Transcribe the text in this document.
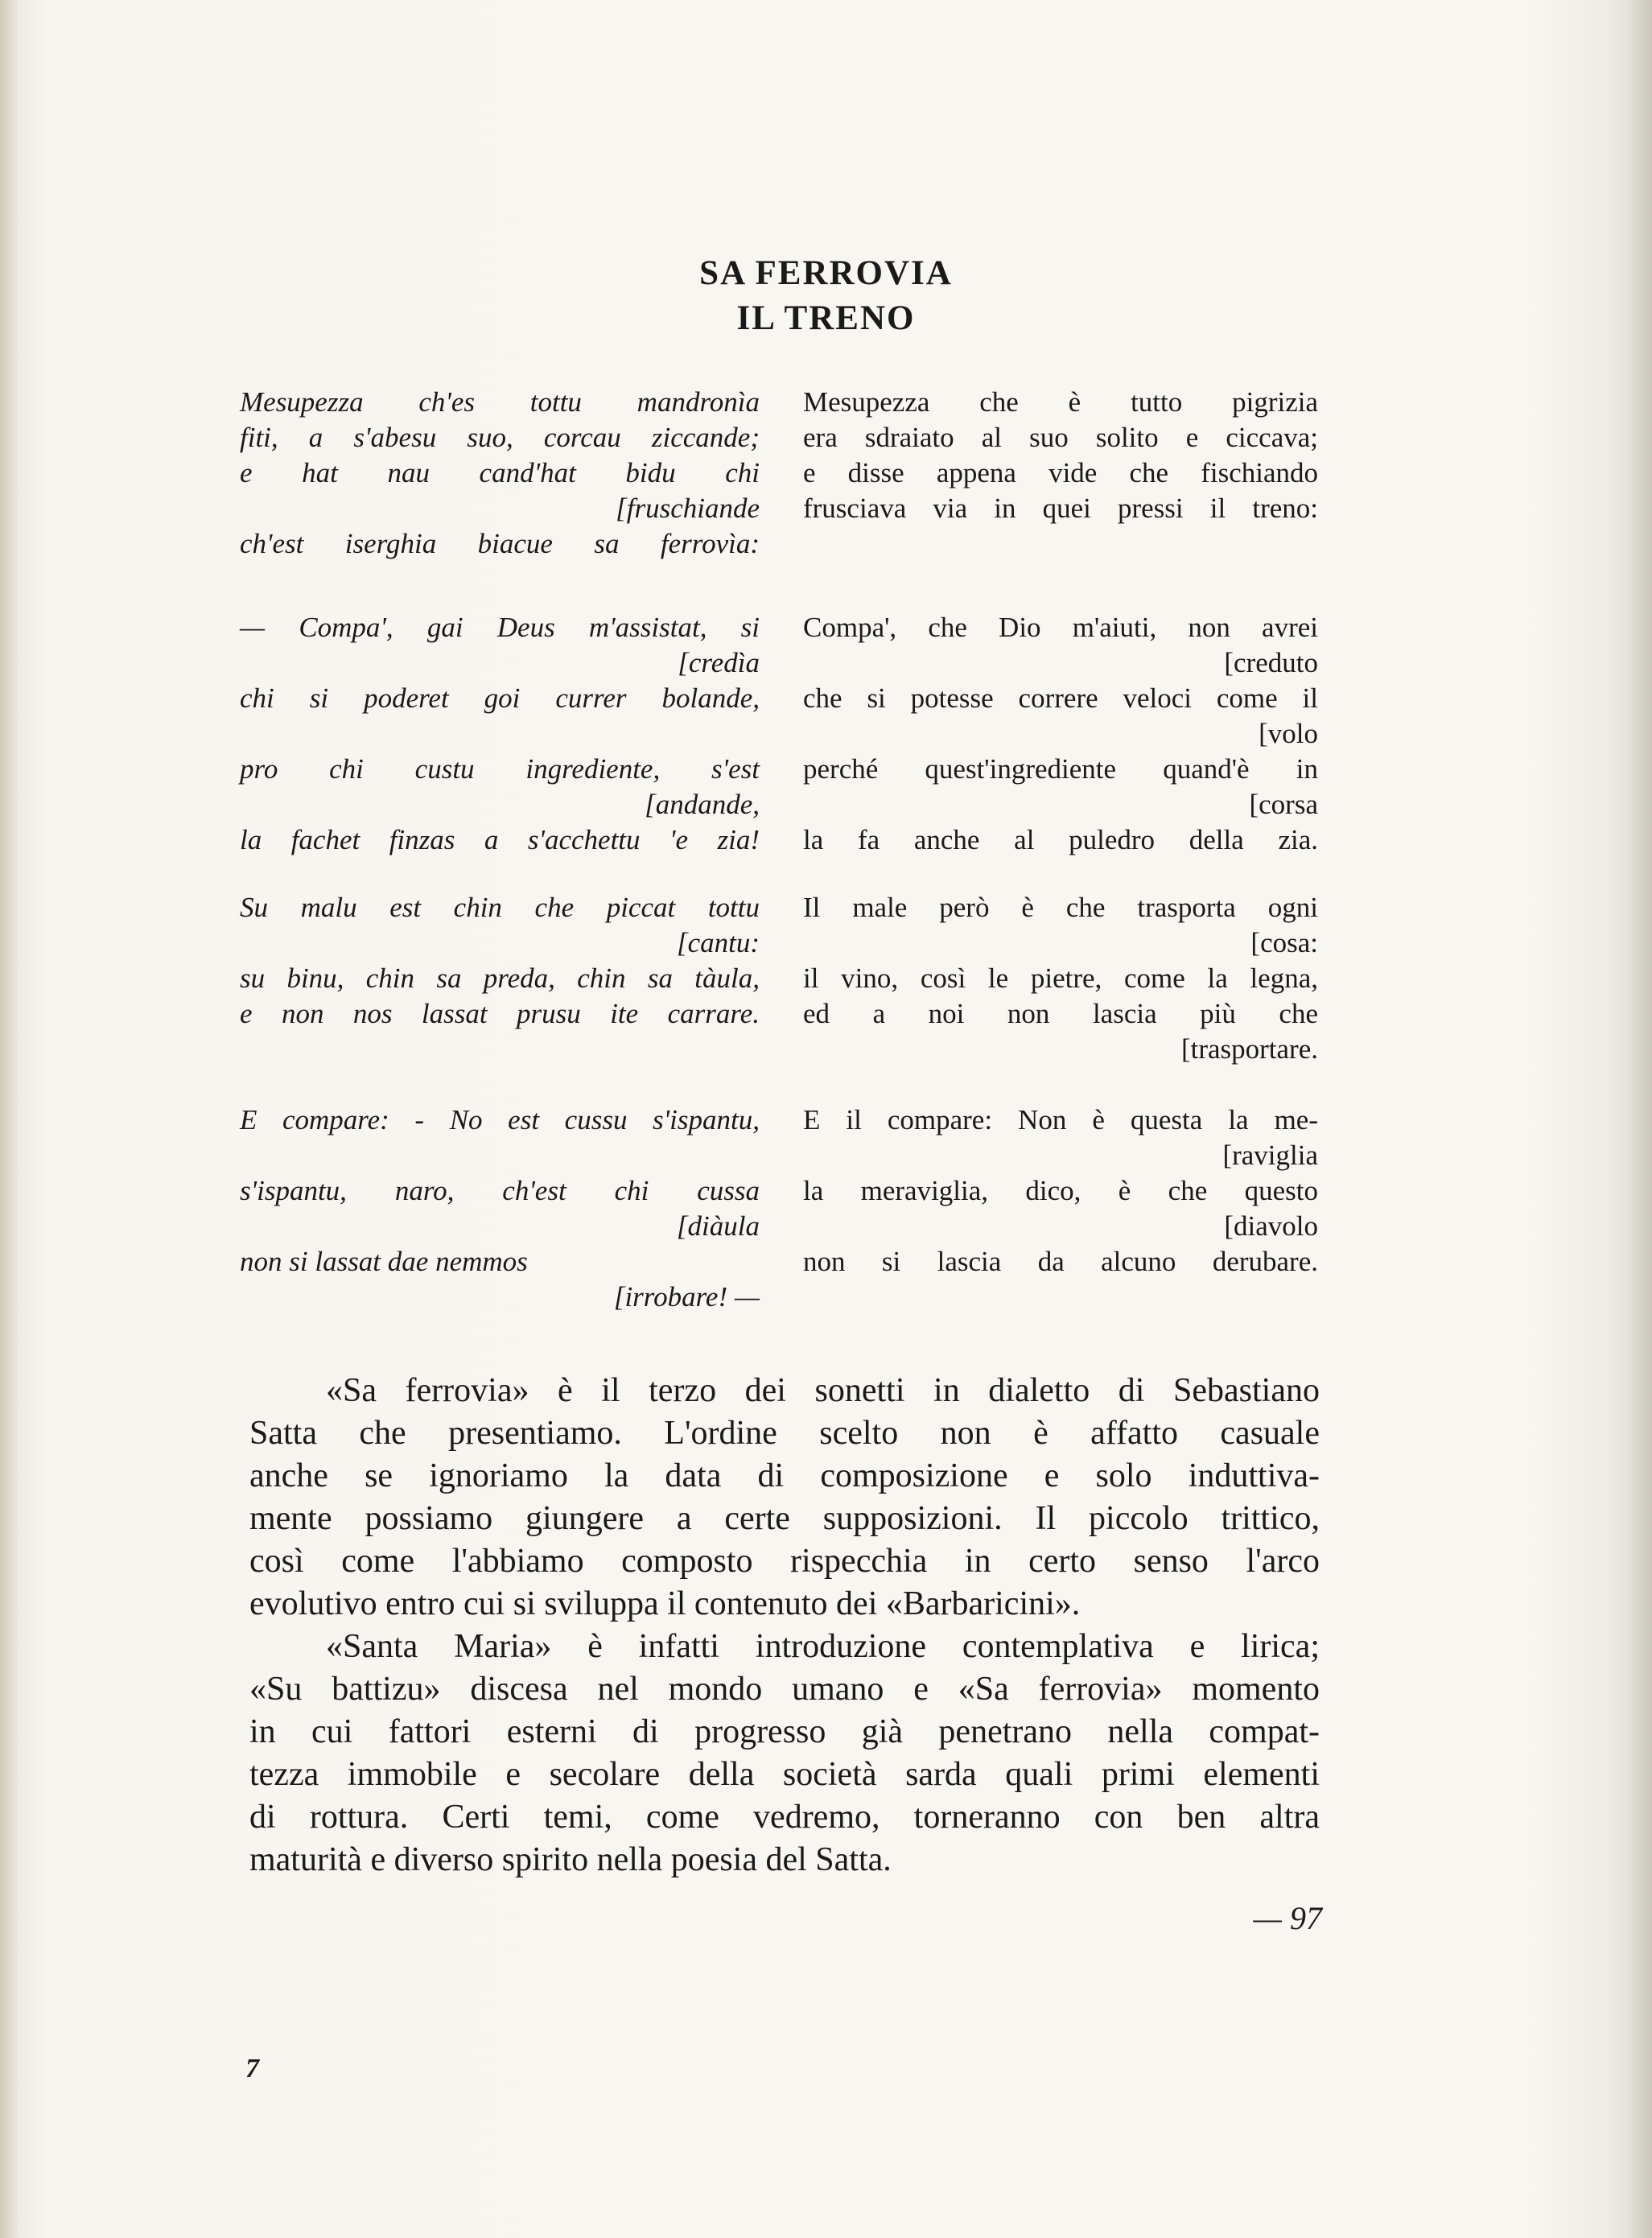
SA FERROVIA
IL TRENO
Mesupezza ch'es tottu mandronìa
fiti, a s'abesu suo, corcau ziccande;
e hat nau cand'hat bidu chi
[fruschiande
ch'est iserghia biacue sa ferrovìa:
Mesupezza che è tutto pigrizia
era sdraiato al suo solito e ciccava;
e disse appena vide che fischiando
frusciava via in quei pressi il treno:
— Compa', gai Deus m'assistat, si
[credìa
chi si poderet goi currer bolande,
pro chi custu ingrediente, s'est
[andande,
la fachet finzas a s'acchettu 'e zia!
Compa', che Dio m'aiuti, non avrei
[creduto
che si potesse correre veloci come il
[volo
perché quest'ingrediente quand'è in
[corsa
la fa anche al puledro della zia.
Su malu est chin che piccat tottu
[cantu:
su binu, chin sa preda, chin sa tàula,
e non nos lassat prusu ite carrare.
Il male però è che trasporta ogni
[cosa:
il vino, così le pietre, come la legna,
ed a noi non lascia più che
[trasportare.
E compare: - No est cussu s'ispantu,
s'ispantu, naro, ch'est chi cussa
[diàula
non si lassat dae nemmos
[irrobare! —
E il compare: Non è questa la me-
[raviglia
la meraviglia, dico, è che questo
[diavolo
non si lascia da alcuno derubare.
«Sa ferrovia» è il terzo dei sonetti in dialetto di Sebastiano
Satta che presentiamo. L'ordine scelto non è affatto casuale
anche se ignoriamo la data di composizione e solo induttiva-
mente possiamo giungere a certe supposizioni. Il piccolo trittico,
così come l'abbiamo composto rispecchia in certo senso l'arco
evolutivo entro cui si sviluppa il contenuto dei «Barbaricini».
«Santa Maria» è infatti introduzione contemplativa e lirica;
«Su battizu» discesa nel mondo umano e «Sa ferrovia» momento
in cui fattori esterni di progresso già penetrano nella compat-
tezza immobile e secolare della società sarda quali primi elementi
di rottura. Certi temi, come vedremo, torneranno con ben altra
maturità e diverso spirito nella poesia del Satta.
— 97
7
